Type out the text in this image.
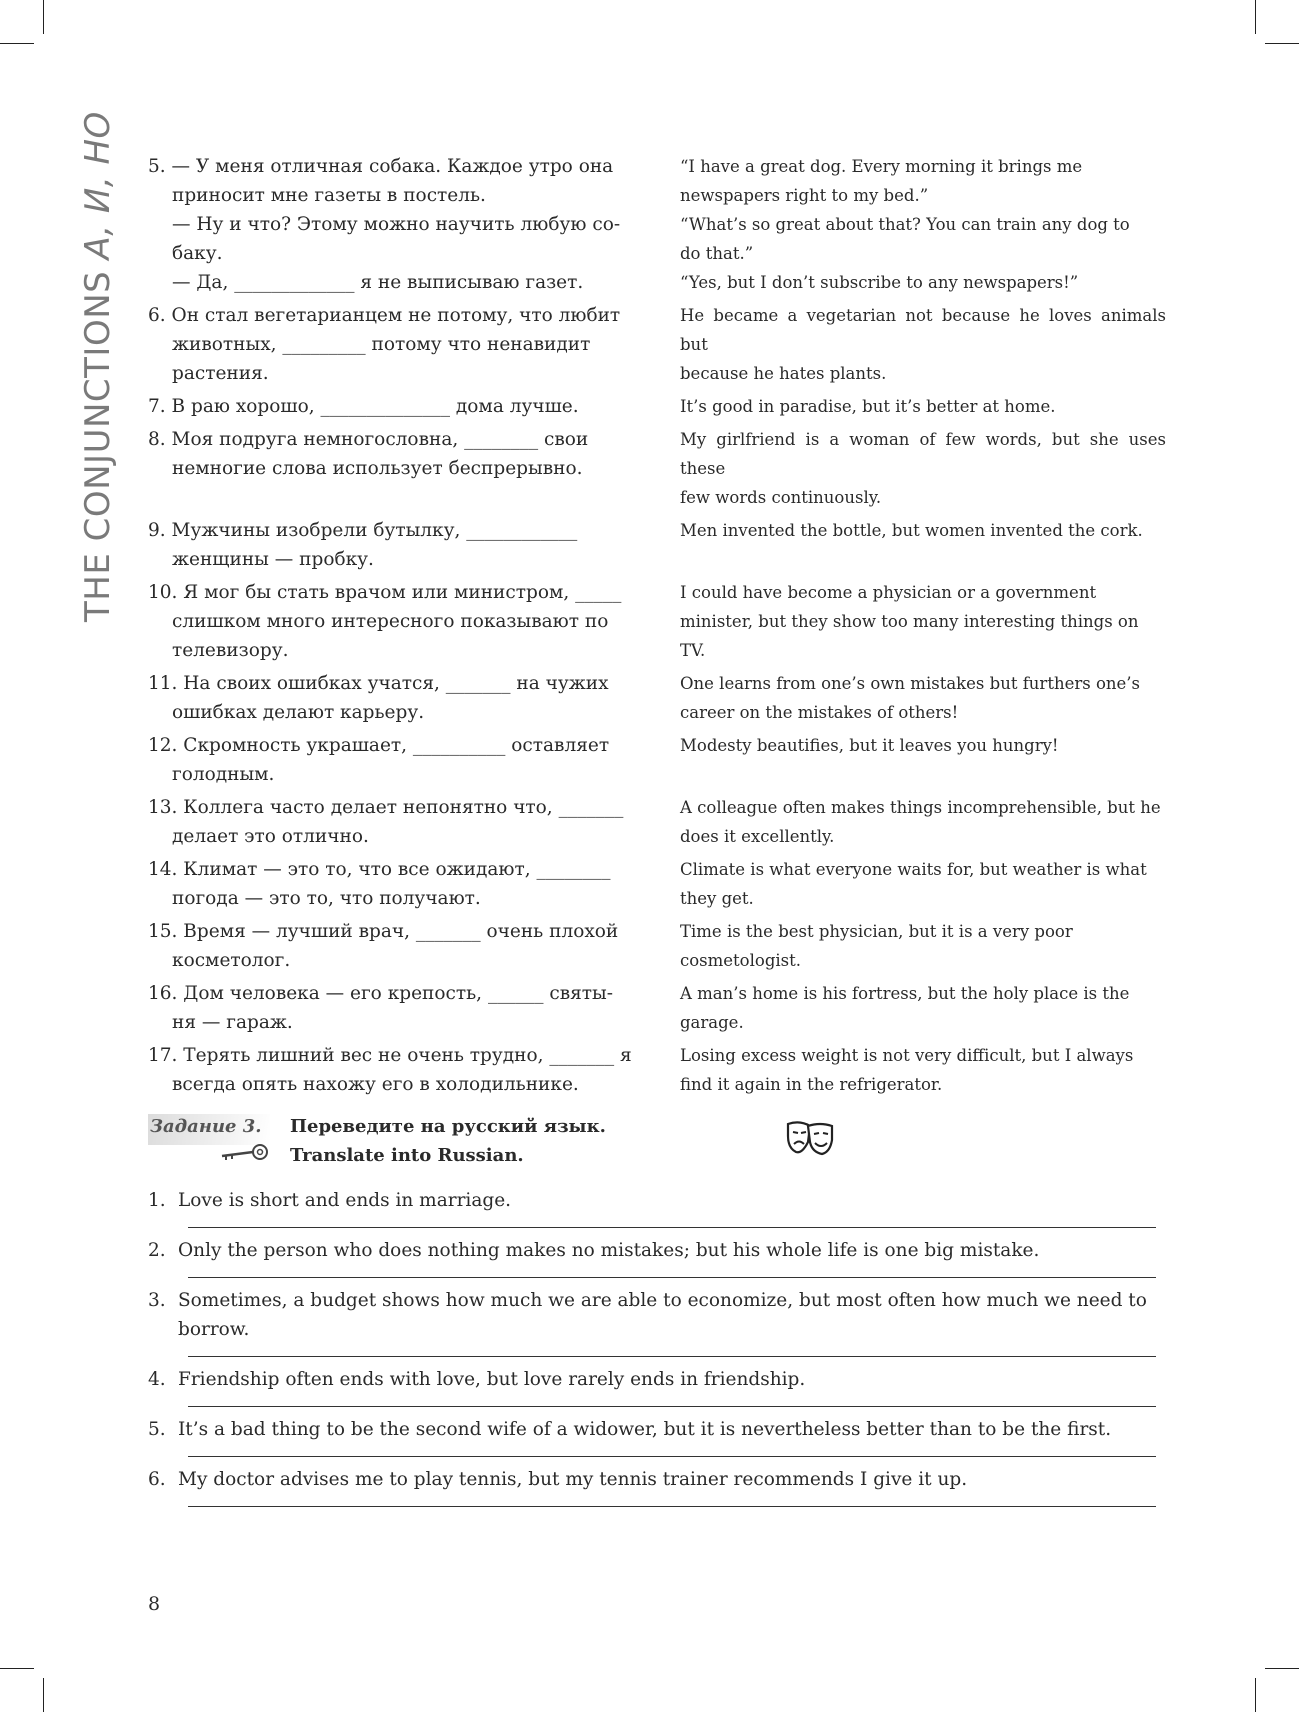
THE CONJUNCTIONS А, И, НО 5. — У меня отличная собака. Каждое утро она
приносит мне газеты в постель.
— Ну и что? Этому можно научить любую со-
баку.
— Да, _____________ я не выписываю газет.
“I have a great dog. Every morning it brings me
newspapers right to my bed.”
“What’s so great about that? You can train any dog to
do that.”
“Yes, but I don’t subscribe to any newspapers!”
6. Он стал вегетарианцем не потому, что любит
животных, _________ потому что ненавидит
растения.
He became a vegetarian not because he loves animals but
because he hates plants.
7. В раю хорошо, ______________ дома лучше.	It’s good in paradise, but it’s better at home.
8. Моя подруга немногословна, ________ свои
немногие слова использует беспрерывно.
My girlfriend is a woman of few words, but she uses these
few words continuously.
9. Мужчины изобрели бутылку, ____________
женщины — пробку.
Men invented the bottle, but women invented the cork.
10. Я мог бы стать врачом или министром, _____
слишком много интересного показывают по
телевизору.
I could have become a physician or a government
minister, but they show too many interesting things on
TV.
11. На своих ошибках учатся, _______ на чужих
ошибках делают карьеру.
One learns from one’s own mistakes but furthers one’s
career on the mistakes of others!
12. Скромность украшает, __________ оставляет
голодным.
Modesty beautifies, but it leaves you hungry!
13. Коллега часто делает непонятно что, _______
делает это отлично.
A colleague often makes things incomprehensible, but he
does it excellently.
14. Климат — это то, что все ожидают, ________
погода — это то, что получают.
Climate is what everyone waits for, but weather is what
they get.
15. Время — лучший врач, _______ очень плохой
косметолог.
Time is the best physician, but it is a very poor
cosmetologist.
16. Дом человека — его крепость, ______ святы-
ня — гараж.
A man’s home is his fortress, but the holy place is the
garage.
17. Терять лишний вес не очень трудно, _______ я
всегда опять нахожу его в холодильнике.
Losing excess weight is not very difficult, but I always
find it again in the refrigerator.
Задание 3.	Переведите на русский язык.
Translate into Russian.
1. Love is short and ends in marriage.
2. Only the person who does nothing makes no mistakes; but his whole life is one big mistake.
3. Sometimes, a budget shows how much we are able to economize, but most often how much we need to borrow.
4. Friendship often ends with love, but love rarely ends in friendship.
5. It’s a bad thing to be the second wife of a widower, but it is nevertheless better than to be the first.
6. My doctor advises me to play tennis, but my tennis trainer recommends I give it up.
8
